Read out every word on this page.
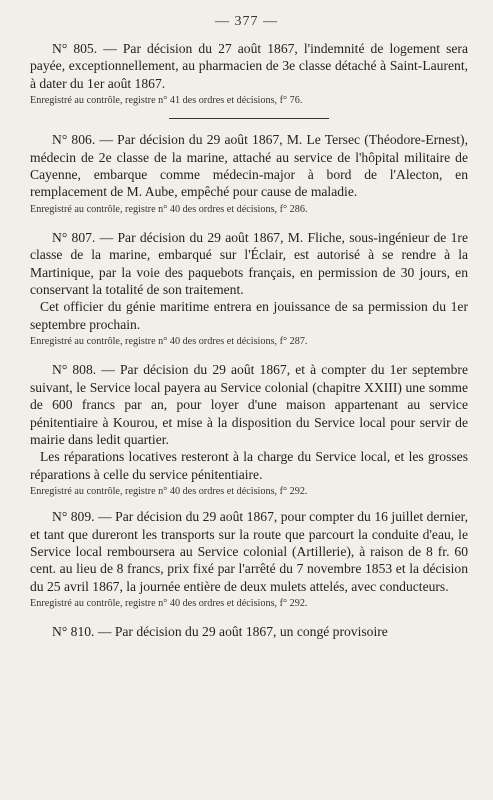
— 377 —

N° 805. — Par décision du 27 août 1867, l'indemnité de logement sera payée, exceptionnellement, au pharmacien de 3e classe détaché à Saint-Laurent, à dater du 1er août 1867.

Enregistré au contrôle, registre n° 41 des ordres et décisions, f° 76.

N° 806. — Par décision du 29 août 1867, M. Le Tersec (Théodore-Ernest), médecin de 2e classe de la marine, attaché au service de l'hôpital militaire de Cayenne, embarque comme médecin-major à bord de l'Alecton, en remplacement de M. Aube, empêché pour cause de maladie.

Enregistré au contrôle, registre n° 40 des ordres et décisions, f° 286.

N° 807. — Par décision du 29 août 1867, M. Fliche, sous-ingénieur de 1re classe de la marine, embarqué sur l'Éclair, est autorisé à se rendre à la Martinique, par la voie des paquebots français, en permission de 30 jours, en conservant la totalité de son traitement.

Cet officier du génie maritime entrera en jouissance de sa permission du 1er septembre prochain.

Enregistré au contrôle, registre n° 40 des ordres et décisions, f° 287.

N° 808. — Par décision du 29 août 1867, et à compter du 1er septembre suivant, le Service local payera au Service colonial (chapitre XXIII) une somme de 600 francs par an, pour loyer d'une maison appartenant au service pénitentiaire à Kourou, et mise à la disposition du Service local pour servir de mairie dans ledit quartier.

Les réparations locatives resteront à la charge du Service local, et les grosses réparations à celle du service pénitentiaire.

Enregistré au contrôle, registre n° 40 des ordres et décisions, f° 292.

N° 809. — Par décision du 29 août 1867, pour compter du 16 juillet dernier, et tant que dureront les transports sur la route que parcourt la conduite d'eau, le Service local remboursera au Service colonial (Artillerie), à raison de 8 fr. 60 cent. au lieu de 8 francs, prix fixé par l'arrêté du 7 novembre 1853 et la décision du 25 avril 1867, la journée entière de deux mulets attelés, avec conducteurs.

Enregistré au contrôle, registre n° 40 des ordres et décisions, f° 292.

N° 810. — Par décision du 29 août 1867, un congé provisoire
